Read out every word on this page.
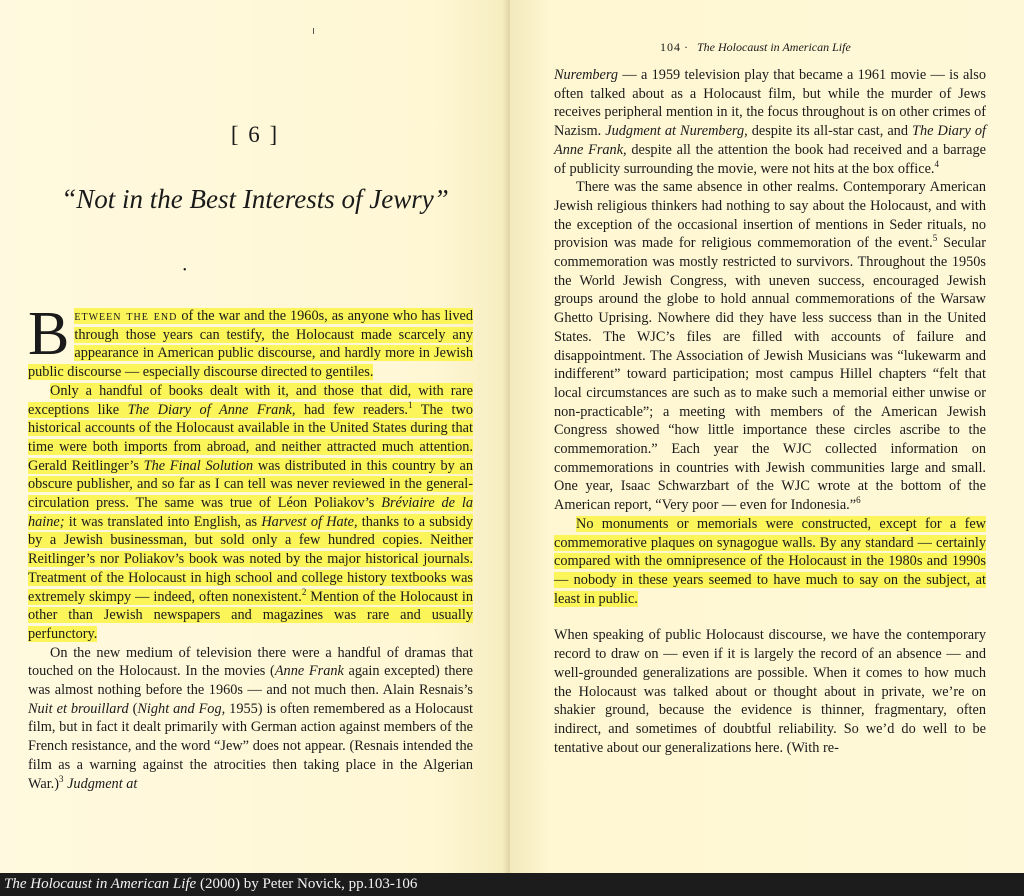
[ 6 ]
“Not in the Best Interests of Jewry”
•

Between the end of the war and the 1960s, as anyone who has lived through those years can testify, the Holocaust made scarcely any appearance in American public discourse, and hardly more in Jewish public discourse — especially discourse directed to gentiles.

Only a handful of books dealt with it, and those that did, with rare exceptions like The Diary of Anne Frank, had few readers.$^1$ The two historical accounts of the Holocaust available in the United States during that time were both imports from abroad, and neither attracted much attention. Gerald Reitlinger’s The Final Solution was distributed in this country by an obscure publisher, and so far as I can tell was never reviewed in the general-circulation press. The same was true of Léon Poliakov’s Bréviaire de la haine; it was translated into English, as Harvest of Hate, thanks to a subsidy by a Jewish businessman, but sold only a few hundred copies. Neither Reitlinger’s nor Poliakov’s book was noted by the major historical journals. Treatment of the Holocaust in high school and college history textbooks was extremely skimpy — indeed, often nonexistent.$^2$ Mention of the Holocaust in other than Jewish newspapers and magazines was rare and usually perfunctory.

On the new medium of television there were a handful of dramas that touched on the Holocaust. In the movies (Anne Frank again excepted) there was almost nothing before the 1960s — and not much then. Alain Resnais’s Nuit et brouillard (Night and Fog, 1955) is often remembered as a Holocaust film, but in fact it dealt primarily with German action against members of the French resistance, and the word “Jew” does not appear. (Resnais intended the film as a warning against the atrocities then taking place in the Algerian War.)$^3$ Judgment at

104 · The Holocaust in American Life

Nuremberg — a 1959 television play that became a 1961 movie — is also often talked about as a Holocaust film, but while the murder of Jews receives peripheral mention in it, the focus throughout is on other crimes of Nazism. Judgment at Nuremberg, despite its all-star cast, and The Diary of Anne Frank, despite all the attention the book had received and a barrage of publicity surrounding the movie, were not hits at the box office.$^4$

There was the same absence in other realms. Contemporary American Jewish religious thinkers had nothing to say about the Holocaust, and with the exception of the occasional insertion of mentions in Seder rituals, no provision was made for religious commemoration of the event.$^5$ Secular commemoration was mostly restricted to survivors. Throughout the 1950s the World Jewish Congress, with uneven success, encouraged Jewish groups around the globe to hold annual commemorations of the Warsaw Ghetto Uprising. Nowhere did they have less success than in the United States. The WJC’s files are filled with accounts of failure and disappointment. The Association of Jewish Musicians was “lukewarm and indifferent” toward participation; most campus Hillel chapters “felt that local circumstances are such as to make such a memorial either unwise or non-practicable”; a meeting with members of the American Jewish Congress showed “how little importance these circles ascribe to the commemoration.” Each year the WJC collected information on commemorations in countries with Jewish communities large and small. One year, Isaac Schwarzbart of the WJC wrote at the bottom of the American report, “Very poor — even for Indonesia.”$^6$

No monuments or memorials were constructed, except for a few commemorative plaques on synagogue walls. By any standard — certainly compared with the omnipresence of the Holocaust in the 1980s and 1990s — nobody in these years seemed to have much to say on the subject, at least in public.

When speaking of public Holocaust discourse, we have the contemporary record to draw on — even if it is largely the record of an absence — and well-grounded generalizations are possible. When it comes to how much the Holocaust was talked about or thought about in private, we’re on shakier ground, because the evidence is thinner, fragmentary, often indirect, and sometimes of doubtful reliability. So we’d do well to be tentative about our generalizations here. (With re-

The Holocaust in American Life (2000) by Peter Novick, pp.103-106
